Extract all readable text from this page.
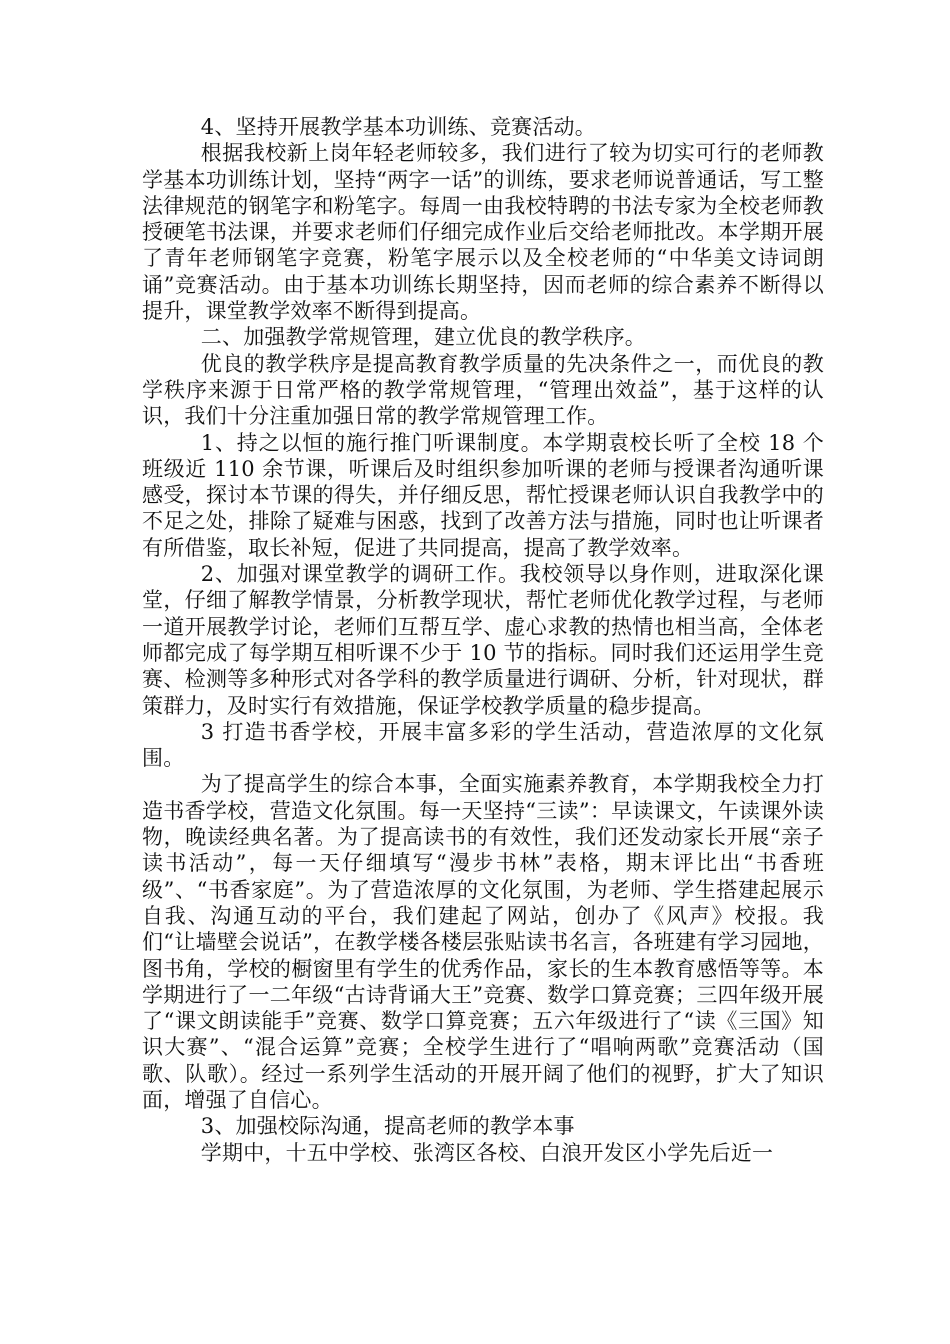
4、坚持开展教学基本功训练、竞赛活动。

根据我校新上岗年轻老师较多，我们进行了较为切实可行的老师教学基本功训练计划，坚持“两字一话”的训练，要求老师说普通话，写工整法律规范的钢笔字和粉笔字。每周一由我校特聘的书法专家为全校老师教授硬笔书法课，并要求老师们仔细完成作业后交给老师批改。本学期开展了青年老师钢笔字竞赛，粉笔字展示以及全校老师的“中华美文诗词朗诵”竞赛活动。由于基本功训练长期坚持，因而老师的综合素养不断得以提升，课堂教学效率不断得到提高。

二、加强教学常规管理，建立优良的教学秩序。

优良的教学秩序是提高教育教学质量的先决条件之一，而优良的教学秩序来源于日常严格的教学常规管理，“管理出效益”，基于这样的认识，我们十分注重加强日常的教学常规管理工作。

1、持之以恒的施行推门听课制度。本学期袁校长听了全校 18 个班级近 110 余节课，听课后及时组织参加听课的老师与授课者沟通听课感受，探讨本节课的得失，并仔细反思，帮忙授课老师认识自我教学中的不足之处，排除了疑难与困惑，找到了改善方法与措施，同时也让听课者有所借鉴，取长补短，促进了共同提高，提高了教学效率。

2、加强对课堂教学的调研工作。我校领导以身作则，进取深化课堂，仔细了解教学情景，分析教学现状，帮忙老师优化教学过程，与老师一道开展教学讨论，老师们互帮互学、虚心求教的热情也相当高，全体老师都完成了每学期互相听课不少于 10 节的指标。同时我们还运用学生竞赛、检测等多种形式对各学科的教学质量进行调研、分析，针对现状，群策群力，及时实行有效措施，保证学校教学质量的稳步提高。

3 打造书香学校，开展丰富多彩的学生活动，营造浓厚的文化氛围。

为了提高学生的综合本事，全面实施素养教育，本学期我校全力打造书香学校，营造文化氛围。每一天坚持“三读”：早读课文，午读课外读物，晚读经典名著。为了提高读书的有效性，我们还发动家长开展“亲子读书活动”，每一天仔细填写“漫步书林”表格，期末评比出“书香班级”、“书香家庭”。为了营造浓厚的文化氛围，为老师、学生搭建起展示自我、沟通互动的平台，我们建起了网站，创办了《风声》校报。我们“让墙壁会说话”，在教学楼各楼层张贴读书名言，各班建有学习园地，图书角，学校的橱窗里有学生的优秀作品，家长的生本教育感悟等等。本学期进行了一二年级“古诗背诵大王”竞赛、数学口算竞赛；三四年级开展了“课文朗读能手”竞赛、数学口算竞赛；五六年级进行了“读《三国》知识大赛”、“混合运算”竞赛；全校学生进行了“唱响两歌”竞赛活动（国歌、队歌）。经过一系列学生活动的开展开阔了他们的视野，扩大了知识面，增强了自信心。

3、加强校际沟通，提高老师的教学本事

学期中，十五中学校、张湾区各校、白浪开发区小学先后近一
